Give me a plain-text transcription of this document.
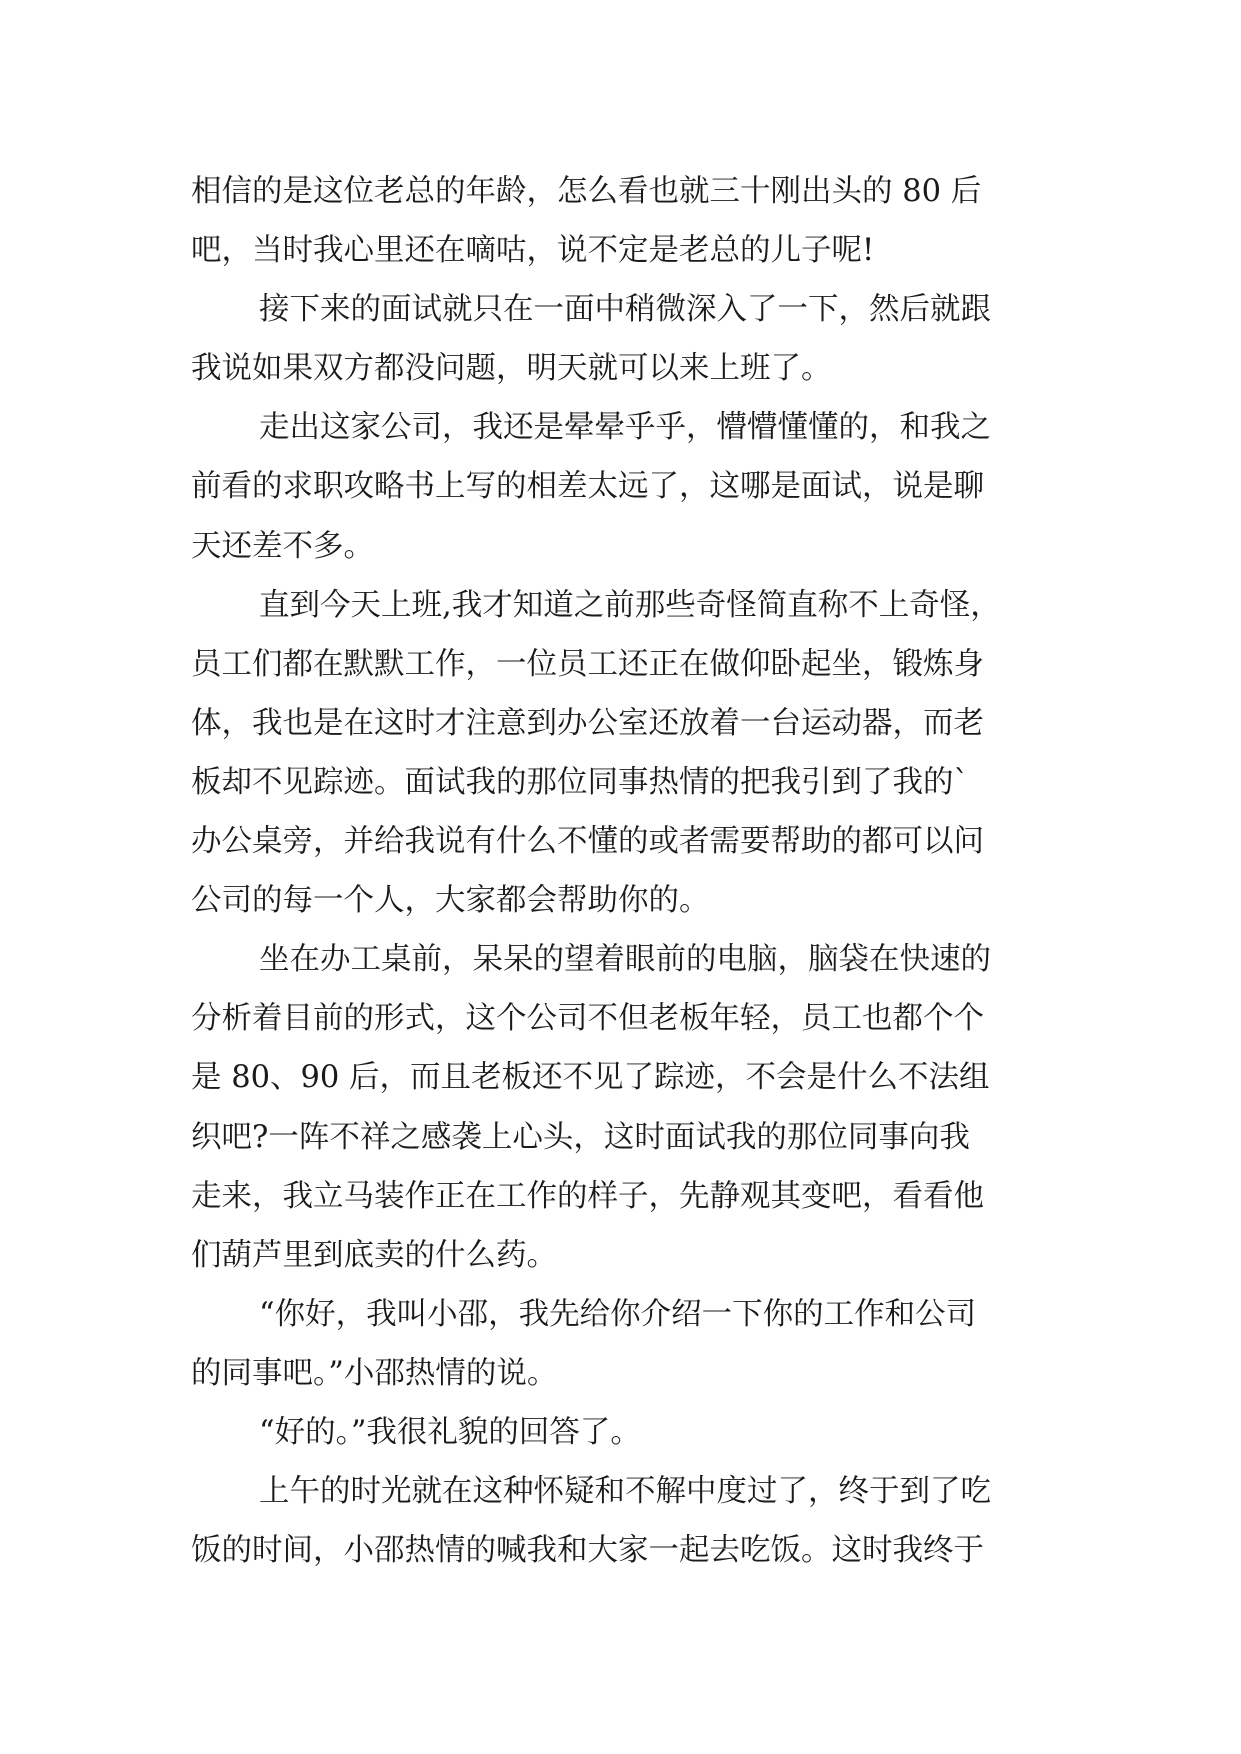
相信的是这位老总的年龄，怎么看也就三十刚出头的 80 后
吧，当时我心里还在嘀咕，说不定是老总的儿子呢!
接下来的面试就只在一面中稍微深入了一下，然后就跟
我说如果双方都没问题，明天就可以来上班了。
走出这家公司，我还是晕晕乎乎，懵懵懂懂的，和我之
前看的求职攻略书上写的相差太远了，这哪是面试，说是聊
天还差不多。
直到今天上班,我才知道之前那些奇怪简直称不上奇怪，
员工们都在默默工作，一位员工还正在做仰卧起坐，锻炼身
体，我也是在这时才注意到办公室还放着一台运动器，而老
板却不见踪迹。面试我的那位同事热情的把我引到了我的`
办公桌旁，并给我说有什么不懂的或者需要帮助的都可以问
公司的每一个人，大家都会帮助你的。
坐在办工桌前，呆呆的望着眼前的电脑，脑袋在快速的
分析着目前的形式，这个公司不但老板年轻，员工也都个个
是 80、90 后，而且老板还不见了踪迹，不会是什么不法组
织吧?一阵不祥之感袭上心头，这时面试我的那位同事向我
走来，我立马装作正在工作的样子，先静观其变吧，看看他
们葫芦里到底卖的什么药。
“你好，我叫小邵，我先给你介绍一下你的工作和公司
的同事吧。”小邵热情的说。
“好的。”我很礼貌的回答了。
上午的时光就在这种怀疑和不解中度过了，终于到了吃
饭的时间，小邵热情的喊我和大家一起去吃饭。这时我终于
